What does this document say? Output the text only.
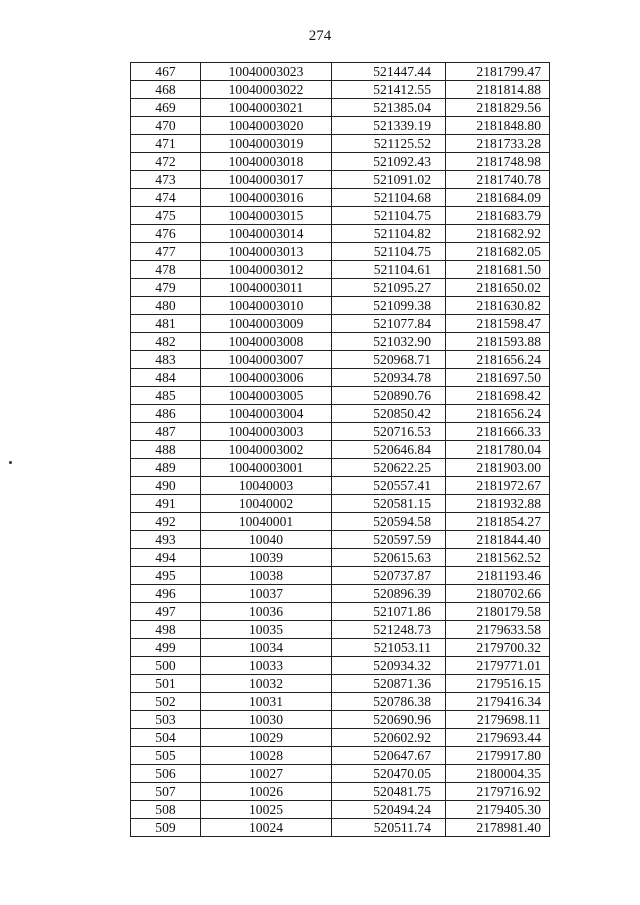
274
467	10040003023	521447.44	2181799.47
468	10040003022	521412.55	2181814.88
469	10040003021	521385.04	2181829.56
470	10040003020	521339.19	2181848.80
471	10040003019	521125.52	2181733.28
472	10040003018	521092.43	2181748.98
473	10040003017	521091.02	2181740.78
474	10040003016	521104.68	2181684.09
475	10040003015	521104.75	2181683.79
476	10040003014	521104.82	2181682.92
477	10040003013	521104.75	2181682.05
478	10040003012	521104.61	2181681.50
479	10040003011	521095.27	2181650.02
480	10040003010	521099.38	2181630.82
481	10040003009	521077.84	2181598.47
482	10040003008	521032.90	2181593.88
483	10040003007	520968.71	2181656.24
484	10040003006	520934.78	2181697.50
485	10040003005	520890.76	2181698.42
486	10040003004	520850.42	2181656.24
487	10040003003	520716.53	2181666.33
488	10040003002	520646.84	2181780.04
489	10040003001	520622.25	2181903.00
490	10040003	520557.41	2181972.67
491	10040002	520581.15	2181932.88
492	10040001	520594.58	2181854.27
493	10040	520597.59	2181844.40
494	10039	520615.63	2181562.52
495	10038	520737.87	2181193.46
496	10037	520896.39	2180702.66
497	10036	521071.86	2180179.58
498	10035	521248.73	2179633.58
499	10034	521053.11	2179700.32
500	10033	520934.32	2179771.01
501	10032	520871.36	2179516.15
502	10031	520786.38	2179416.34
503	10030	520690.96	2179698.11
504	10029	520602.92	2179693.44
505	10028	520647.67	2179917.80
506	10027	520470.05	2180004.35
507	10026	520481.75	2179716.92
508	10025	520494.24	2179405.30
509	10024	520511.74	2178981.40
